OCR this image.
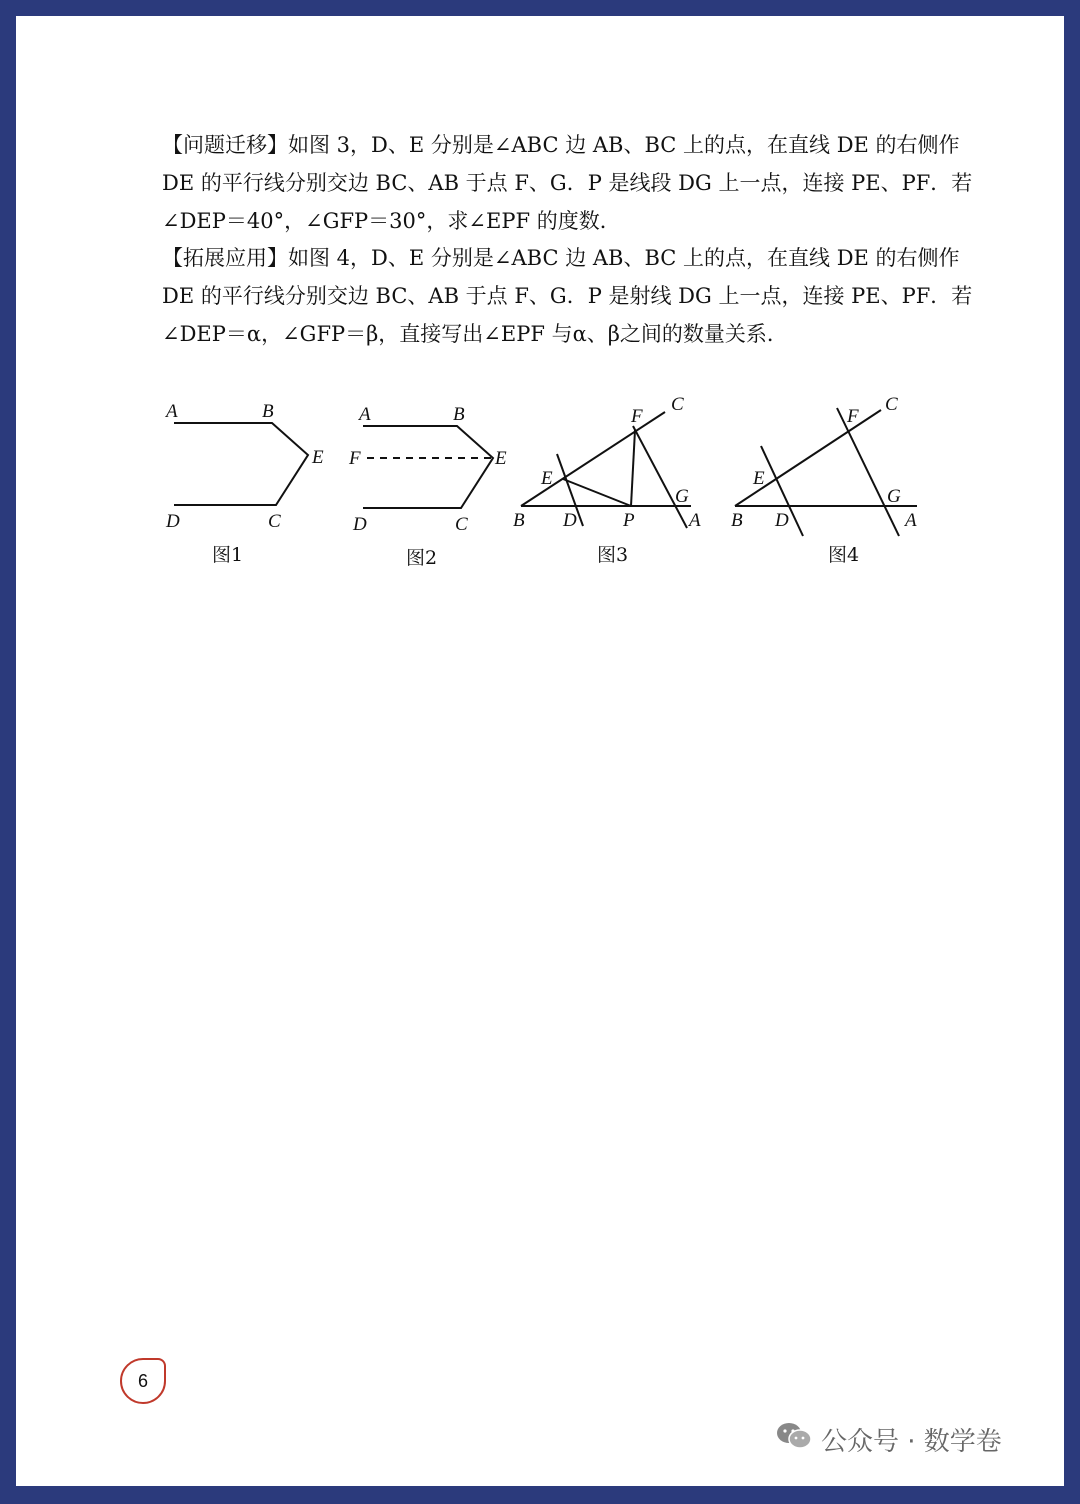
【问题迁移】如图 3，D、E 分别是∠ABC 边 AB、BC 上的点，在直线 DE 的右侧作
DE 的平行线分别交边 BC、AB 于点 F、G．P 是线段 DG 上一点，连接 PE、PF．若
∠DEP＝40°，∠GFP＝30°，求∠EPF 的度数．
【拓展应用】如图 4，D、E 分别是∠ABC 边 AB、BC 上的点，在直线 DE 的右侧作
DE 的平行线分别交边 BC、AB 于点 F、G．P 是射线 DG 上一点，连接 PE、PF．若
∠DEP＝α，∠GFP＝β，直接写出∠EPF 与α、β之间的数量关系．
A	B
E
D	C
图1
A	B
F	E
D	C
图2
F
C
E
G
B D P	A
图3
F
C
E
G
B D	A
图4
6
公众号 · 数学卷
